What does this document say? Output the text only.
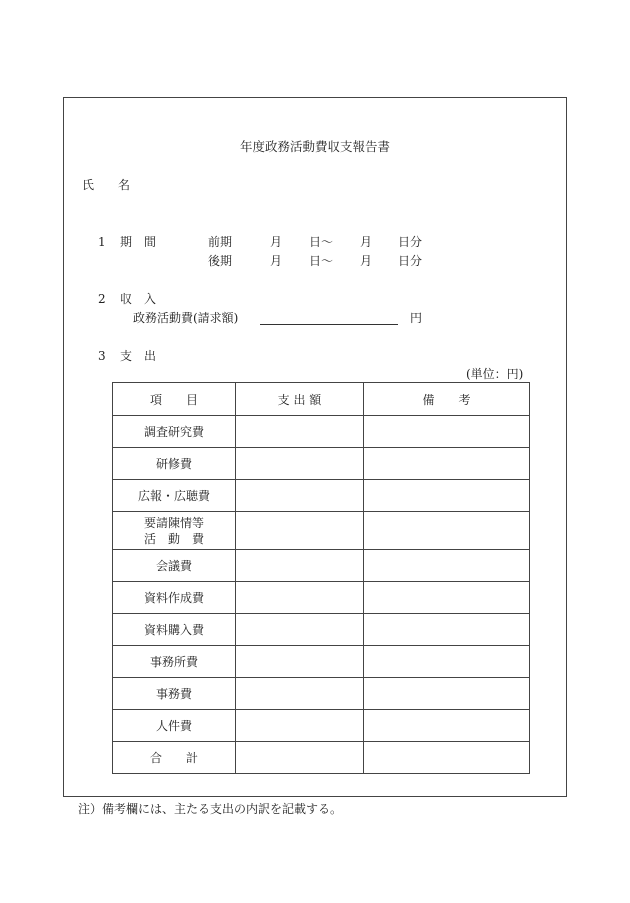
年度政務活動費収支報告書
氏　　名
1 期　間	前期	月 日～ 月 日分
後期	月 日～ 月 日分
2 収　入
政務活動費(請求額)	円
3 支　出
(単位：円)
項　　目	支 出 額	備　　考
調査研究費		
研修費		
広報・広聴費		

要請陳情等
活　動　費		

会議費		
資料作成費		
資料購入費		
事務所費		
事務費		
人件費		
合　　計		
注）備考欄には、主たる支出の内訳を記載する。
